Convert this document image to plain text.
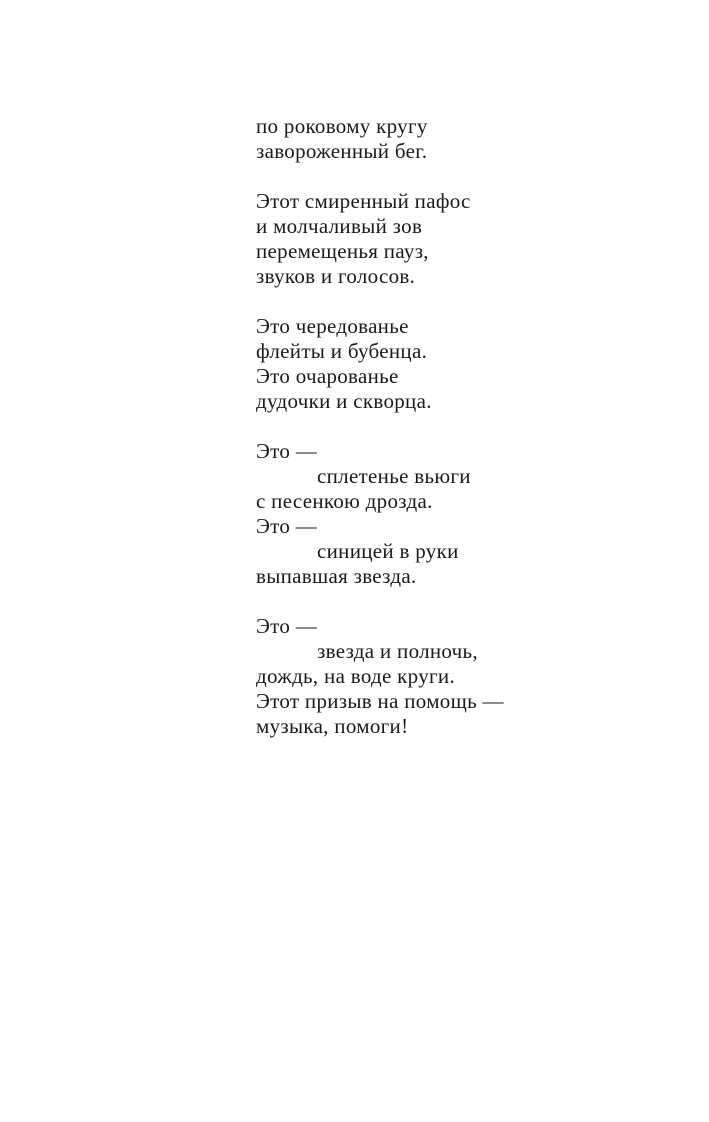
по роковому кругу
завороженный бег.
Этот смиренный пафос
и молчаливый зов
перемещенья пауз,
звуков и голосов.
Это чередованье
флейты и бубенца.
Это очарованье
дудочки и скворца.
Это —
сплетенье вьюги
с песенкою дрозда.
Это —
синицей в руки
выпавшая звезда.
Это —
звезда и полночь,
дождь, на воде круги.
Этот призыв на помощь —
музыка, помоги!
